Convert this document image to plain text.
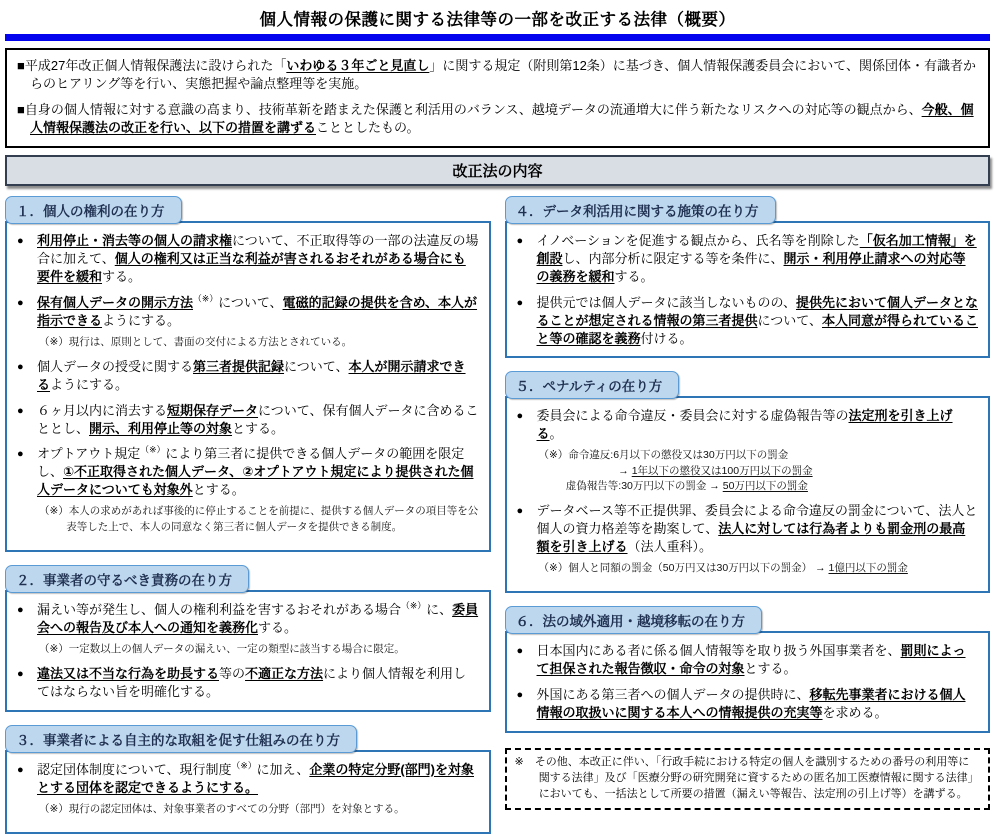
個人情報の保護に関する法律等の一部を改正する法律（概要）
■平成27年改正個人情報保護法に設けられた「いわゆる３年ごと見直し」に関する規定（附則第12条）に基づき、個人情報保護委員会において、関係団体・有識者からのヒアリング等を行い、実態把握や論点整理等を実施。
■自身の個人情報に対する意識の高まり、技術革新を踏まえた保護と利活用のバランス、越境データの流通増大に伴う新たなリスクへの対応等の観点から、今般、個人情報保護法の改正を行い、以下の措置を講ずることとしたもの。
改正法の内容
１．個人の権利の在り方
●	利用停止・消去等の個人の請求権について、不正取得等の一部の法違反の場合に加えて、個人の権利又は正当な利益が害されるおそれがある場合にも要件を緩和する。
●	保有個人データの開示方法（※）について、電磁的記録の提供を含め、本人が指示できるようにする。
（※）現行は、原則として、書面の交付による方法とされている。
●	個人データの授受に関する第三者提供記録について、本人が開示請求できるようにする。
●	６ヶ月以内に消去する短期保存データについて、保有個人データに含めることとし、開示、利用停止等の対象とする。
●	オプトアウト規定（※）により第三者に提供できる個人データの範囲を限定し、①不正取得された個人データ、②オプトアウト規定により提供された個人データについても対象外とする。
（※）本人の求めがあれば事後的に停止することを前提に、提供する個人データの項目等を公表等した上で、本人の同意なく第三者に個人データを提供できる制度。
２．事業者の守るべき責務の在り方
●	漏えい等が発生し、個人の権利利益を害するおそれがある場合（※）に、委員会への報告及び本人への通知を義務化する。
（※）一定数以上の個人データの漏えい、一定の類型に該当する場合に限定。
●	違法又は不当な行為を助長する等の不適正な方法により個人情報を利用してはならない旨を明確化する。
３．事業者による自主的な取組を促す仕組みの在り方
●	認定団体制度について、現行制度（※）に加え、企業の特定分野(部門)を対象とする団体を認定できるようにする。
（※）現行の認定団体は、対象事業者のすべての分野（部門）を対象とする。
４．データ利活用に関する施策の在り方
●	イノベーションを促進する観点から、氏名等を削除した「仮名加工情報」を創設し、内部分析に限定する等を条件に、開示・利用停止請求への対応等の義務を緩和する。
●	提供元では個人データに該当しないものの、提供先において個人データとなることが想定される情報の第三者提供について、本人同意が得られていること等の確認を義務付ける。
５．ペナルティの在り方
●	委員会による命令違反・委員会に対する虚偽報告等の法定刑を引き上げる。
（※）命令違反:6月以下の懲役又は30万円以下の罰金
　　　　　→ 1年以下の懲役又は100万円以下の罰金
虚偽報告等:30万円以下の罰金 → 50万円以下の罰金
●	データベース等不正提供罪、委員会による命令違反の罰金について、法人と個人の資力格差等を勘案して、法人に対しては行為者よりも罰金刑の最高額を引き上げる（法人重科）。
（※）個人と同額の罰金（50万円又は30万円以下の罰金） → 1億円以下の罰金
６．法の域外適用・越境移転の在り方
●	日本国内にある者に係る個人情報等を取り扱う外国事業者を、罰則によって担保された報告徴収・命令の対象とする。
●	外国にある第三者への個人データの提供時に、移転先事業者における個人情報の取扱いに関する本人への情報提供の充実等を求める。
※　その他、本改正に伴い、「行政手続における特定の個人を識別するための番号の利用等に関する法律」及び「医療分野の研究開発に資するための匿名加工医療情報に関する法律」においても、一括法として所要の措置（漏えい等報告、法定刑の引上げ等）を講ずる。
